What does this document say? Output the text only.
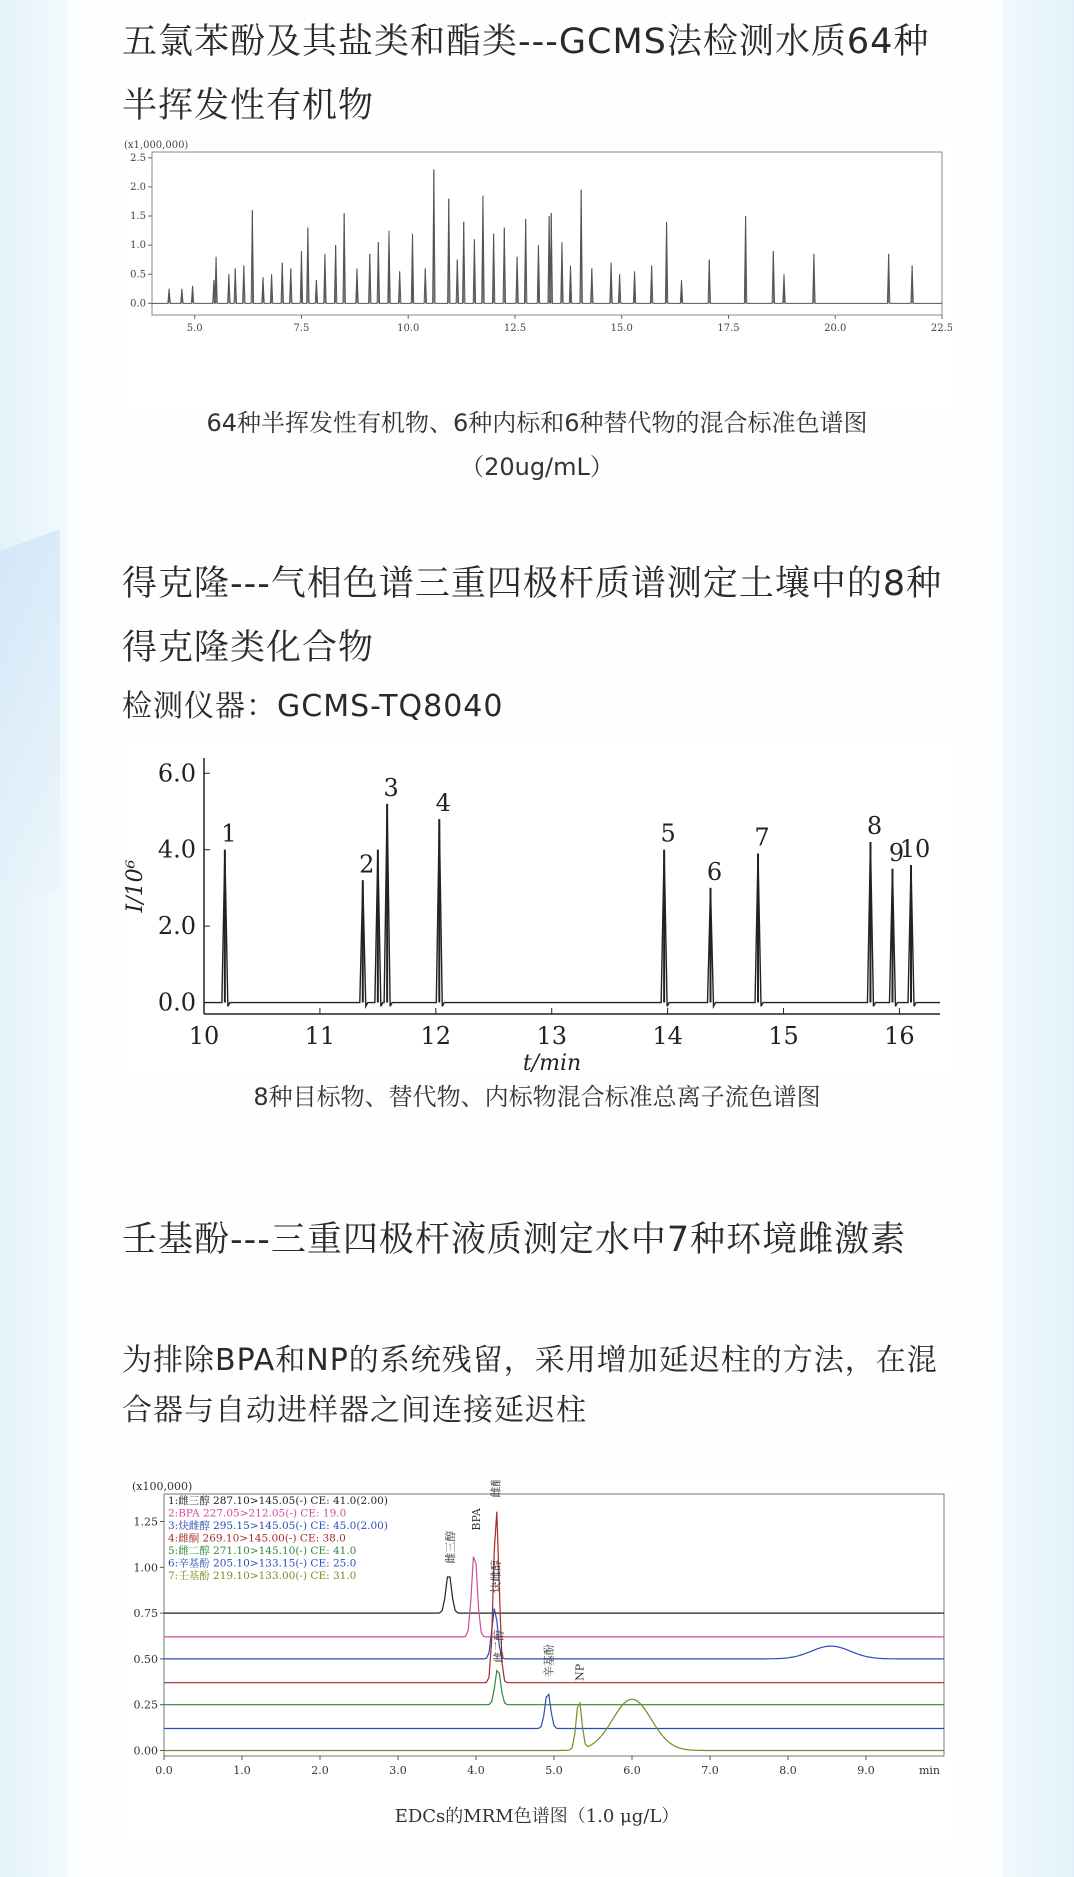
五氯苯酚及其盐类和酯类---GCMS法检测水质64种半挥发性有机物
(x1,000,000)
0.0
0.5
1.0
1.5
2.0
2.5
5.0	7.5	10.0	12.5	15.0	17.5	20.0	22.5
64种半挥发性有机物、6种内标和6种替代物的混合标准色谱图
（20ug/mL）
得克隆---气相色谱三重四极杆质谱测定土壤中的8种得克隆类化合物
检测仪器：GCMS-TQ8040
0.0
2.0
4.0
6.0
10	11	12	13	14	15	16
t/min
I/10⁶
1
2
3
4
5
6
7	8
9
10
8种目标物、替代物、内标物混合标准总离子流色谱图
壬基酚---三重四极杆液质测定水中7种环境雌激素
为排除BPA和NP的系统残留，采用增加延迟柱的方法，在混合器与自动进样器之间连接延迟柱
(x100,000)
0.00
0.25
0.50
0.75
1.00
1.25
0.0	1.0	2.0	3.0	4.0	5.0	6.0	7.0	8.0	9.0	min
1:雌三醇 287.10>145.05(-) CE: 41.0(2.00)
2:BPA 227.05>212.05(-) CE: 19.0
3:炔雌醇 295.15>145.05(-) CE: 45.0(2.00)
4:雌酮 269.10>145.00(-) CE: 38.0
5:雌二醇 271.10>145.10(-) CE: 41.0
6:辛基酚 205.10>133.15(-) CE: 25.0
7:壬基酚 219.10>133.00(-) CE: 31.0
雌三醇
BPA
雌酮
炔雌醇
雌二醇	辛基酚 NP
EDCs的MRM色谱图（1.0 μg/L）
